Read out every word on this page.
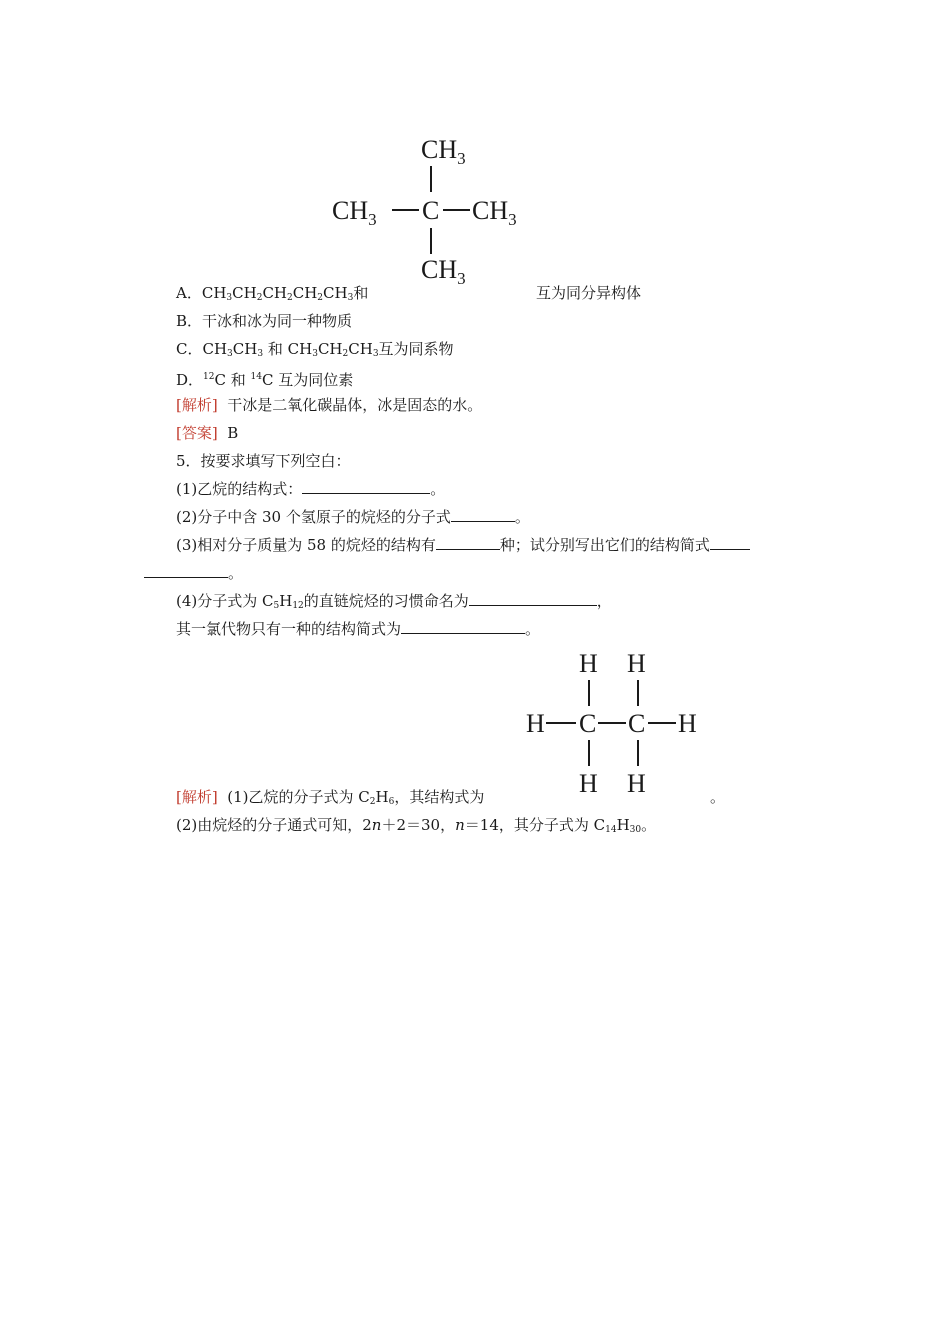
$CH_3$
$CH_3$ C $CH_3$
$CH_3$
A．$CH_3CH_2CH_2CH_2CH_3$和	互为同分异构体
B．干冰和冰为同一种物质
C．$CH_3CH_3$ 和 $CH_3CH_2CH_3$互为同系物
D．$^{12}$C 和 $^{14}$C 互为同位素
[解析] 干冰是二氧化碳晶体，冰是固态的水。
[答案] B
5．按要求填写下列空白：
(1)乙烷的结构式：	。
(2)分子中含 30 个氢原子的烷烃的分子式	。
(3)相对分子质量为 58 的烷烃的结构有	种；试分别写出它们的结构简式
。
(4)分子式为 $C_5H_{12}$的直链烷烃的习惯命名为	，
其一氯代物只有一种的结构简式为	。
H H
H C C H
H H
[解析] (1)乙烷的分子式为 $C_2H_6$，其结构式为	。
(2)由烷烃的分子通式可知，2n＋2＝30，n＝14，其分子式为 $C_{14}H_{30}$。
